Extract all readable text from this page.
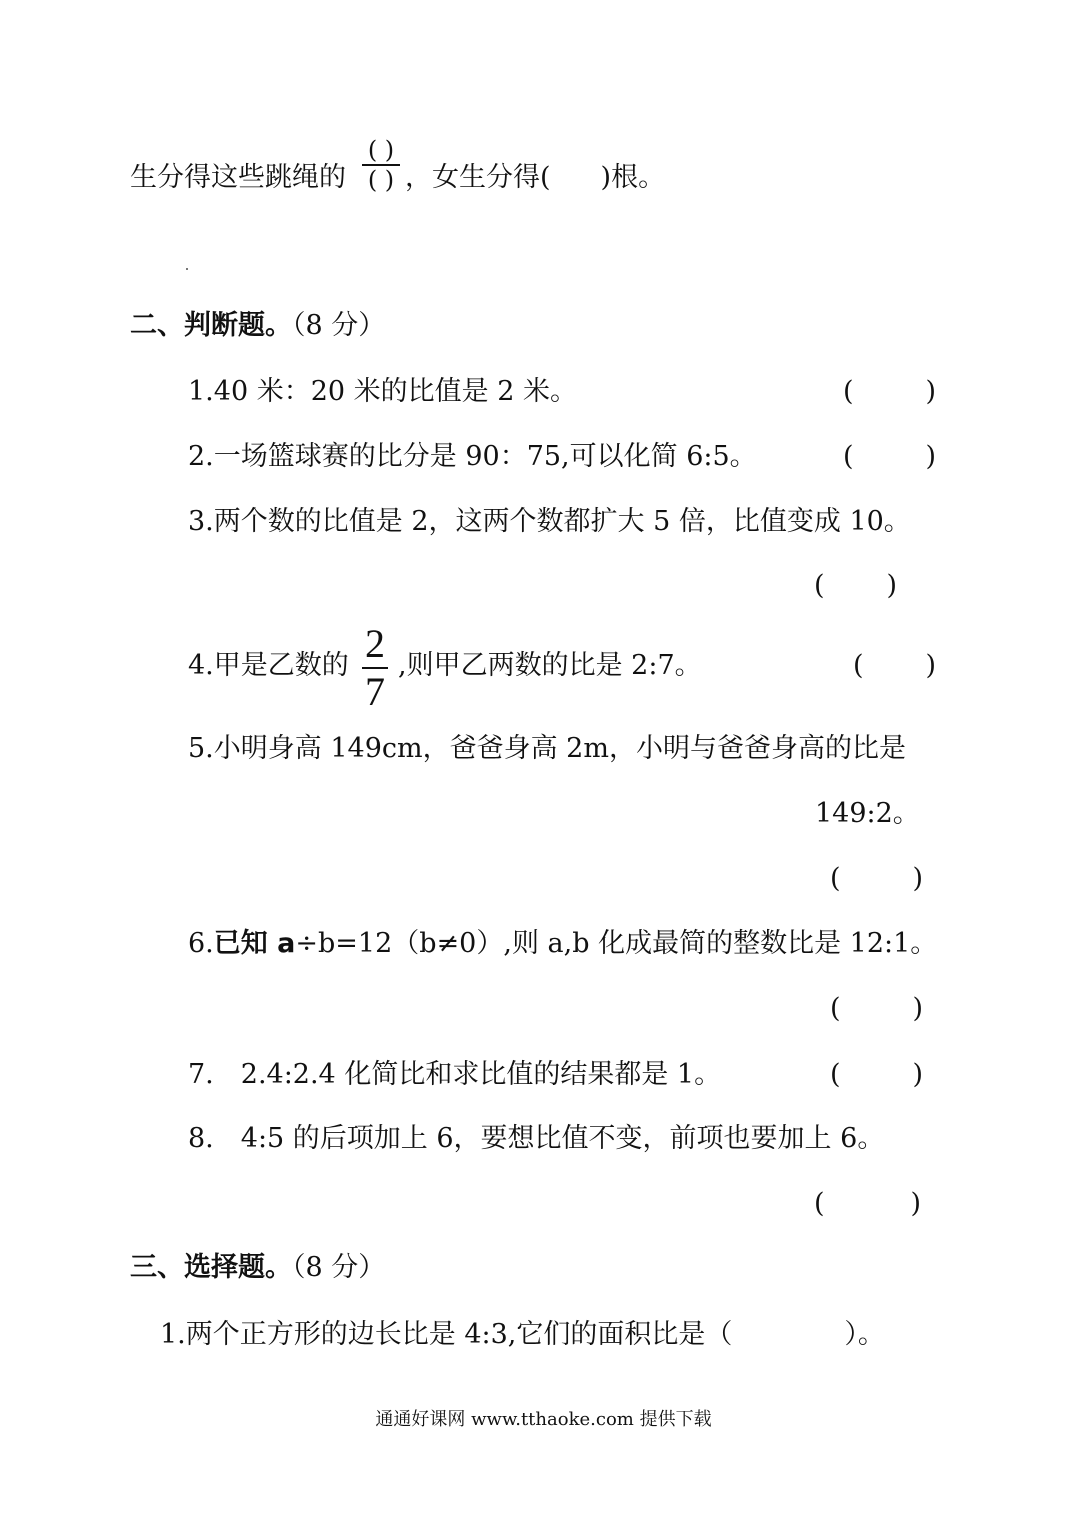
生分得这些跳绳的
( )
( ) ，女生分得( )根。
二、判断题。（8 分）
1.40 米：20 米的比值是 2 米。	(	)
2.一场篮球赛的比分是 90：75,可以化简 6:5。	(	)
3.两个数的比值是 2，这两个数都扩大 5 倍，比值变成 10。
( )
4.甲是乙数的 2
7
,则甲乙两数的比是 2:7。	( )
5.小明身高 149cm，爸爸身高 2m，小明与爸爸身高的比是
149:2。
(	)
6.已知 a÷b=12（b≠0）,则 a,b 化成最简的整数比是 12:1。
(	)
7.　2.4:2.4 化简比和求比值的结果都是 1。	(	)
8.　4:5 的后项加上 6，要想比值不变，前项也要加上 6。
(	)
三、选择题。（8 分）
1.两个正方形的边长比是 4:3,它们的面积比是（	）。
通通好课网 www.tthaoke.com 提供下载
